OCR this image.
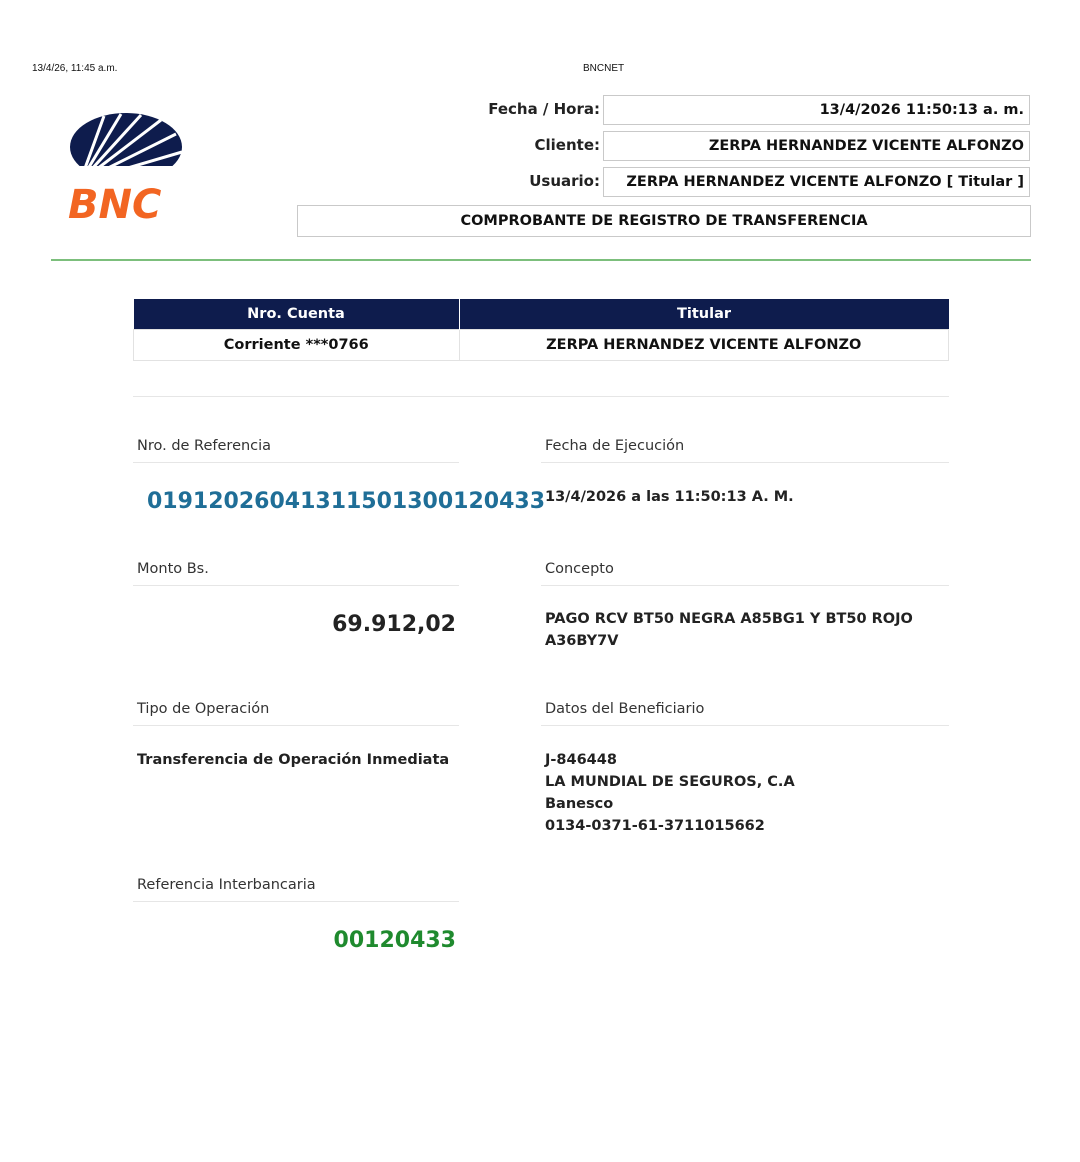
13/4/26, 11:45 a.m.	BNCNET
BNC
Fecha / Hora:	13/4/2026 11:50:13 a. m.
Cliente:	ZERPA HERNANDEZ VICENTE ALFONZO
Usuario:	ZERPA HERNANDEZ VICENTE ALFONZO [ Titular ]
COMPROBANTE DE REGISTRO DE TRANSFERENCIA
Nro. Cuenta	Titular
Corriente ***0766	ZERPA HERNANDEZ VICENTE ALFONZO
Nro. de Referencia
019120260413115013001204​33
Fecha de Ejecución
13/4/2026 a las 11:50:13 A. M.
Monto Bs.
69.912,02
Concepto
PAGO RCV BT50 NEGRA A85BG1 Y BT50 ROJO
A36BY7V
Tipo de Operación
Transferencia de Operación Inmediata
Datos del Beneficiario
J-846448
LA MUNDIAL DE SEGUROS, C.A
Banesco
0134-0371-61-3711015662
Referencia Interbancaria
00120433
